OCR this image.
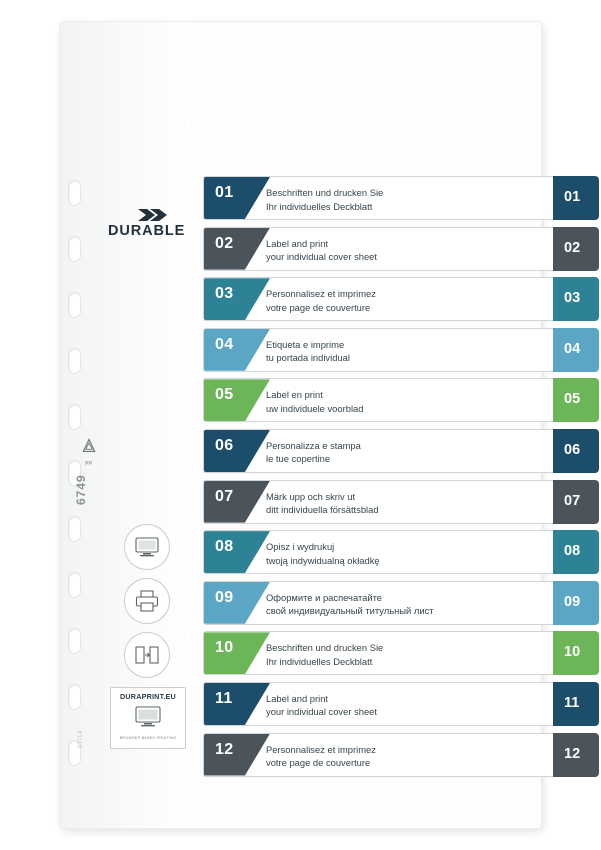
DURABLE
PP
6749
07/14
DURAPRINT.EU
BROWSER BASED PRINTING
01	Beschriften und drucken Sie
Ihr individuelles Deckblatt
01
02	Label and print
your individual cover sheet
02
03	Personnalisez et imprimez
votre page de couverture
03
04	Etiqueta e imprime
tu portada individual
04
05	Label en print
uw individuele voorblad
05
06	Personalizza e stampa
le tue copertine
06
07	Märk upp och skriv ut
ditt individuella försättsblad
07
08	Opisz i wydrukuj
twoją indywidualną okładkę
08
09	Оформите и распечатайте
свой индивидуальный титульный лист
09
10	Beschriften und drucken Sie
Ihr individuelles Deckblatt
10
11	Label and print
your individual cover sheet
11
12	Personnalisez et imprimez
votre page de couverture
12
